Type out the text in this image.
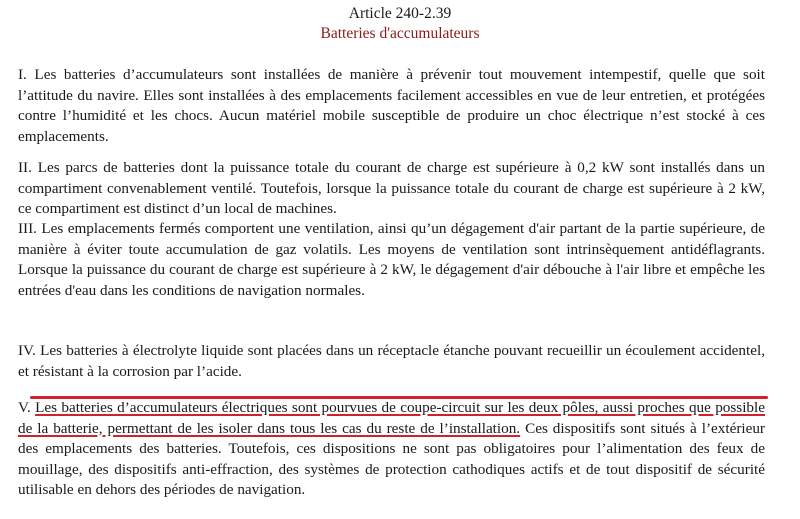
Article 240-2.39

Batteries d'accumulateurs

I. Les batteries d’accumulateurs sont installées de manière à prévenir tout mouvement intempestif, quelle que soit l’attitude du navire. Elles sont installées à des emplacements facilement accessibles en vue de leur entretien, et protégées contre l’humidité et les chocs. Aucun matériel mobile susceptible de produire un choc électrique n’est stocké à ces emplacements.

II. Les parcs de batteries dont la puissance totale du courant de charge est supérieure à 0,2 kW sont installés dans un compartiment convenablement ventilé. Toutefois, lorsque la puissance totale du courant de charge est supérieure à 2 kW, ce compartiment est distinct d’un local de machines.

III. Les emplacements fermés comportent une ventilation, ainsi qu’un dégagement d'air partant de la partie supérieure, de manière à éviter toute accumulation de gaz volatils. Les moyens de ventilation sont intrinsèquement antidéflagrants. Lorsque la puissance du courant de charge est supérieure à 2 kW, le dégagement d'air débouche à l'air libre et empêche les entrées d'eau dans les conditions de navigation normales.

IV. Les batteries à électrolyte liquide sont placées dans un réceptacle étanche pouvant recueillir un écoulement accidentel, et résistant à la corrosion par l’acide.

V. Les batteries d’accumulateurs électriques sont pourvues de coupe-circuit sur les deux pôles, aussi proches que possible de la batterie, permettant de les isoler dans tous les cas du reste de l’installation. Ces dispositifs sont situés à l’extérieur des emplacements des batteries. Toutefois, ces dispositions ne sont pas obligatoires pour l’alimentation des feux de mouillage, des dispositifs anti-effraction, des systèmes de protection cathodiques actifs et de tout dispositif de sécurité utilisable en dehors des périodes de navigation.
